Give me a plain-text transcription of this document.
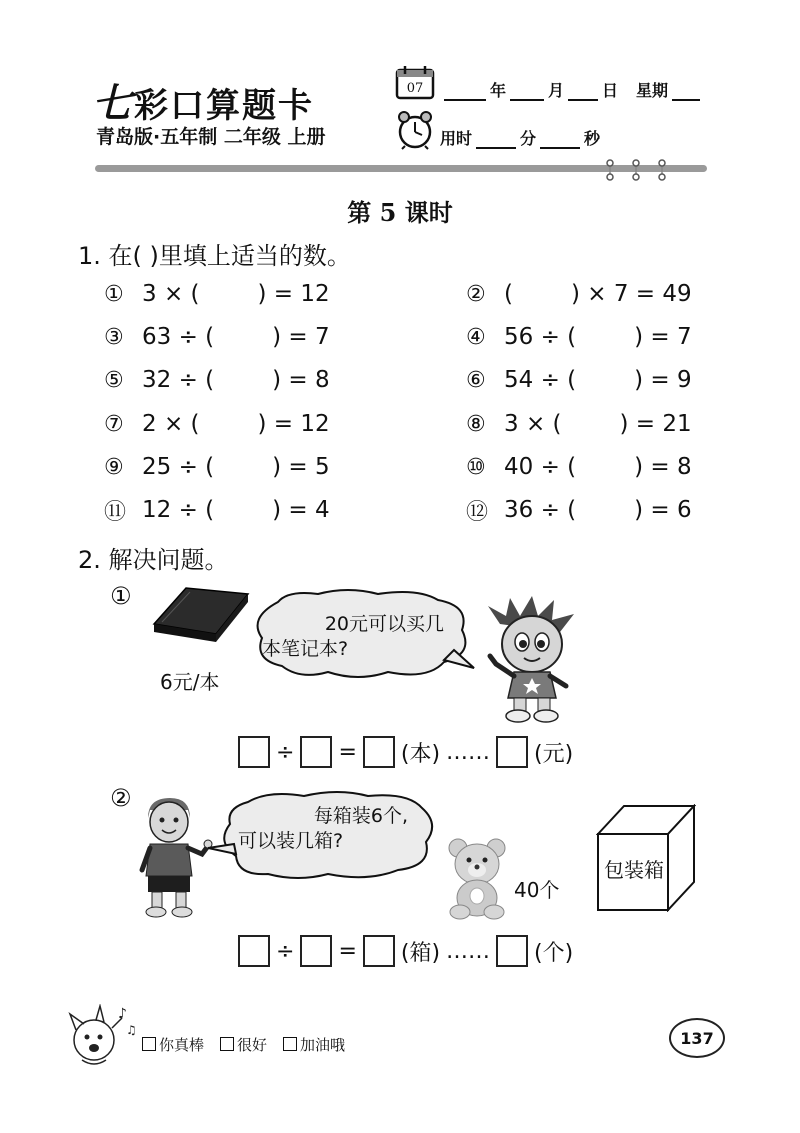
七彩口算题卡
青岛版·五年制 二年级 上册
07	年	月 日 星期
用时	分	秒
第 5 课时
1. 在( )里填上适当的数。
① 3 × (	) = 12
③ 63 ÷ (	) = 7
⑤ 32 ÷ (	) = 8
⑦ 2 × (	) = 12
⑨ 25 ÷ (	) = 5
⑪ 12 ÷ (	) = 4
② (	) × 7 = 49
④ 56 ÷ (	) = 7
⑥ 54 ÷ (	) = 9
⑧ 3 × (	) = 21
⑩ 40 ÷ (	) = 8
⑫ 36 ÷ (	) = 6
2. 解决问题。
①
6元/本
20元可以买几
本笔记本?
÷ = (本) …… (元)
②
每箱装6个,
可以装几箱?
40个
包装箱
÷ = (箱) …… (个)
♪
♫
你真棒	很好	加油哦	137
